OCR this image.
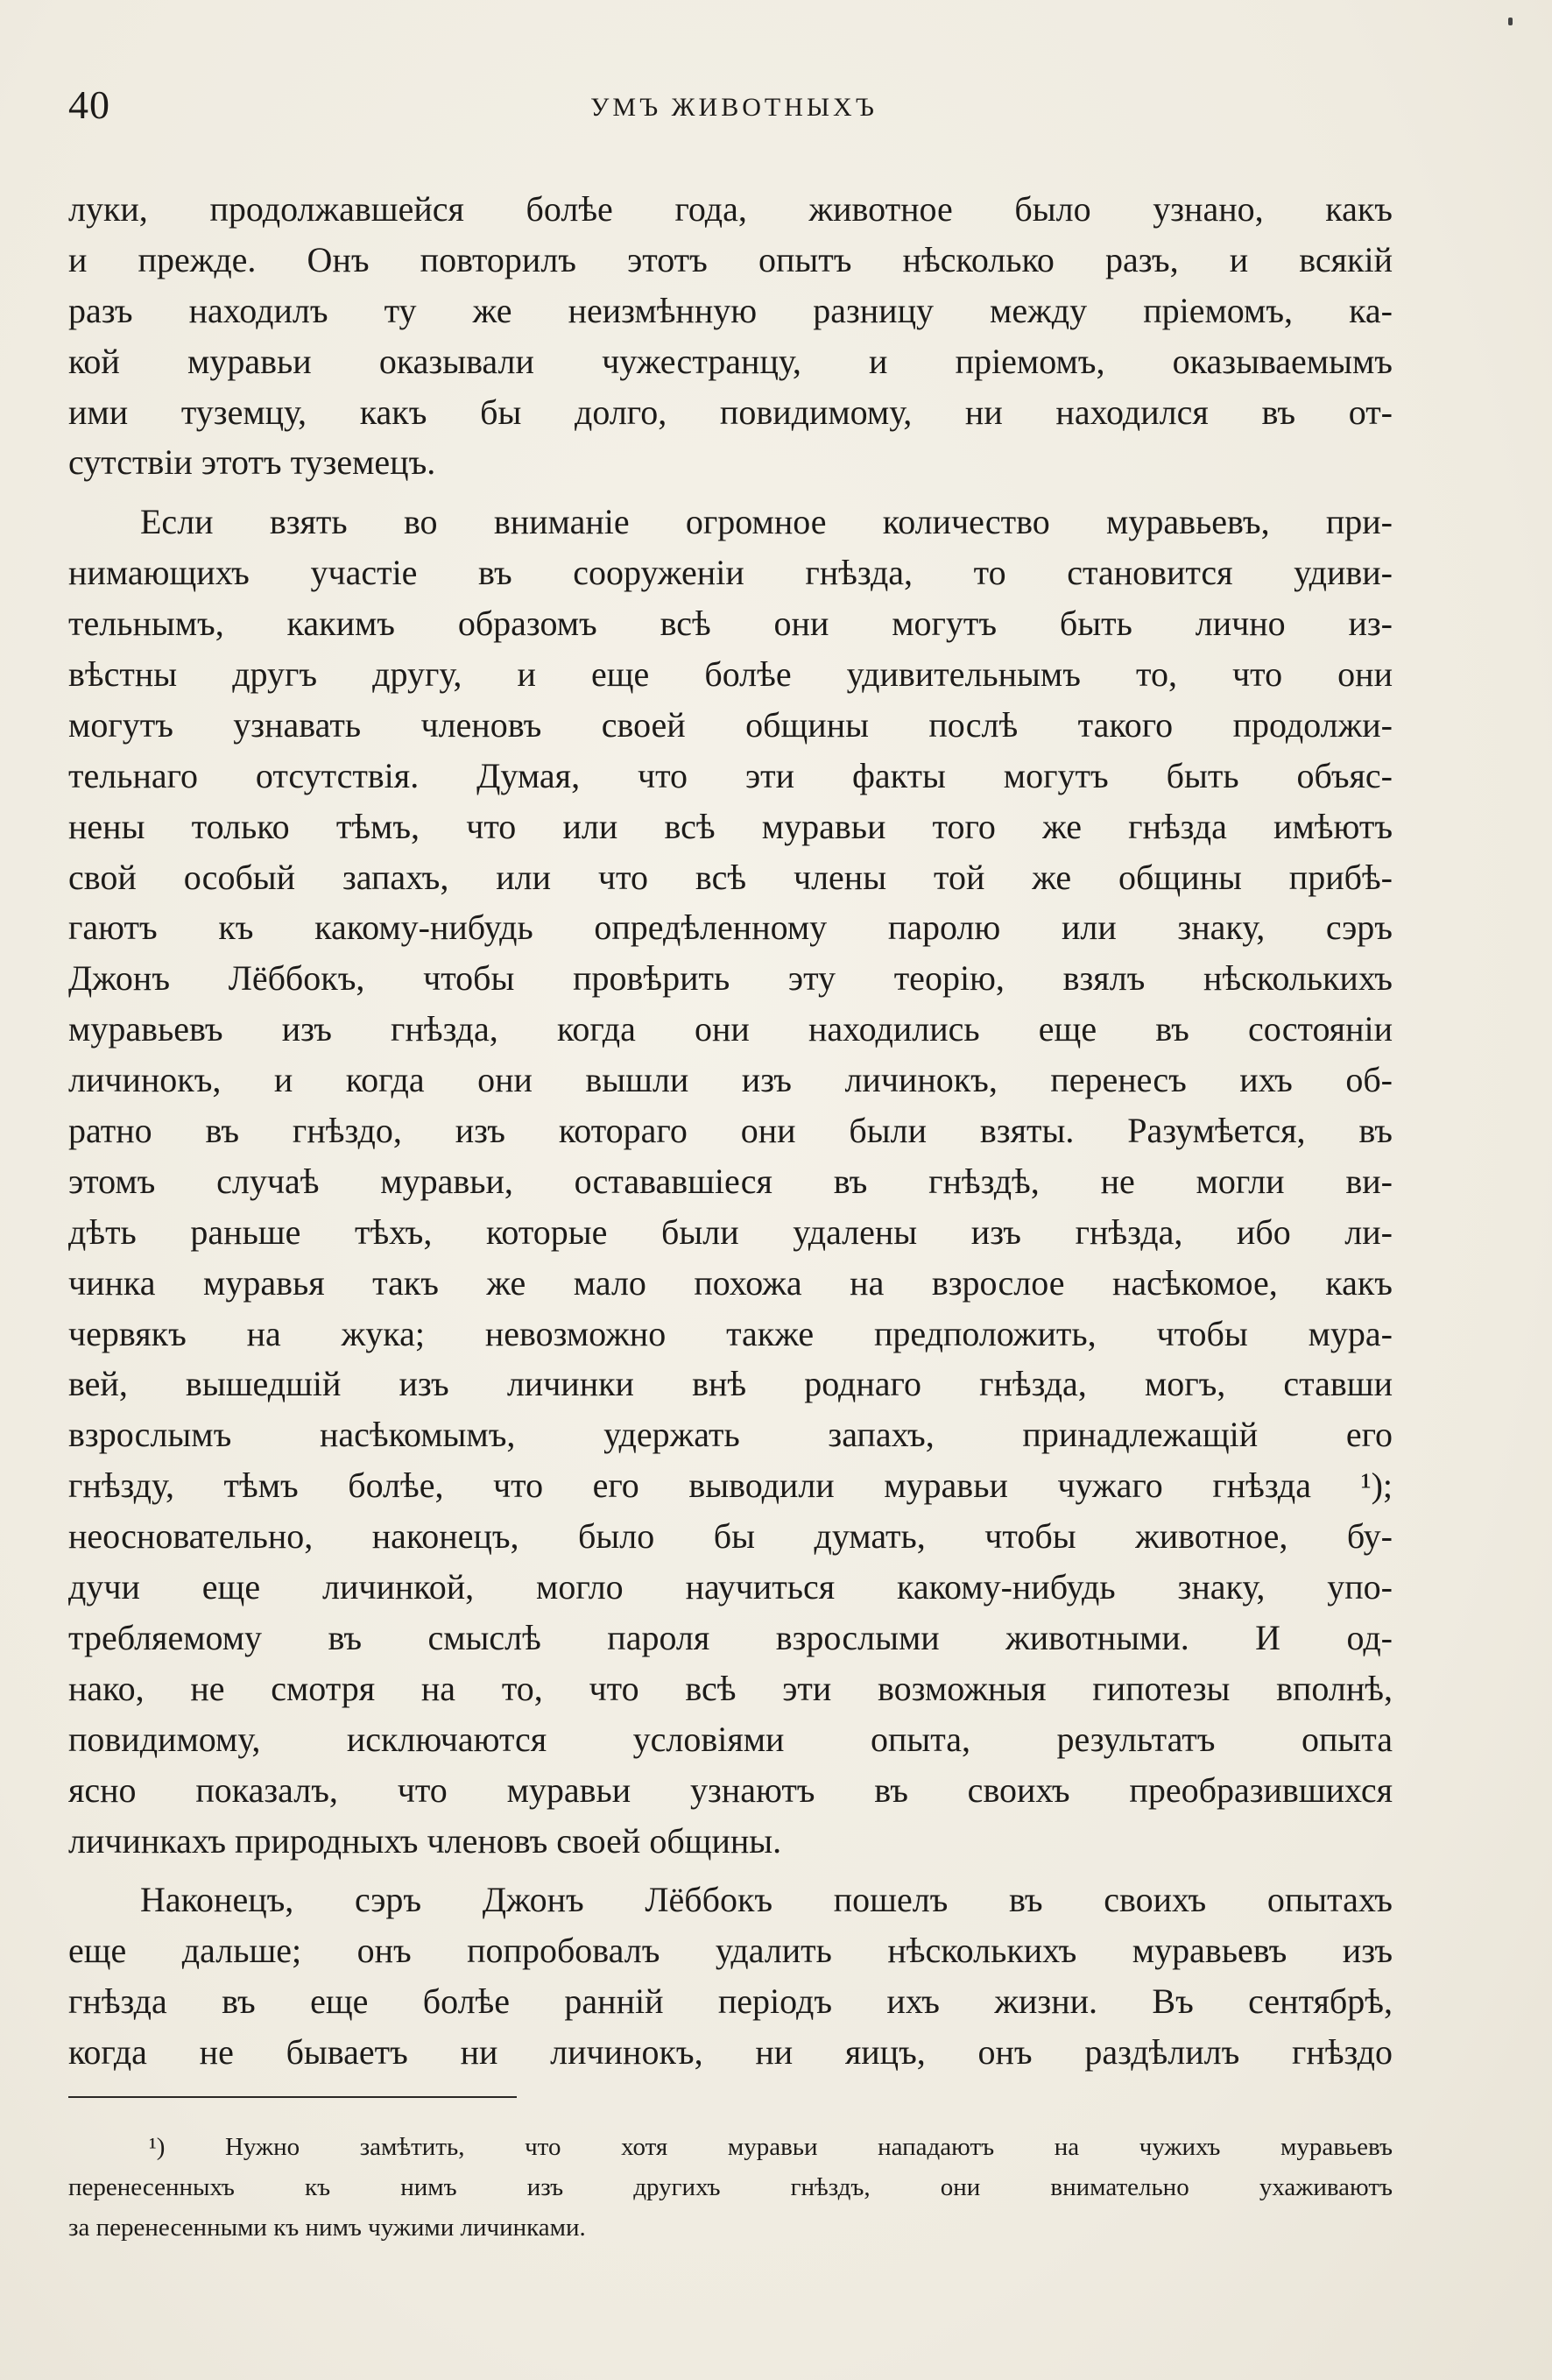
40	УМЪ ЖИВОТНЫХЪ
луки, продолжавшейся болѣе года, животное было узнано, какъ
и прежде. Онъ повторилъ этотъ опытъ нѣсколько разъ, и всякій
разъ находилъ ту же неизмѣнную разницу между пріемомъ, ка-
кой муравьи оказывали чужестранцу, и пріемомъ, оказываемымъ
ими туземцу, какъ бы долго, повидимому, ни находился въ от-
сутствіи этотъ туземецъ.
Если взять во вниманіе огромное количество муравьевъ, при-
нимающихъ участіе въ сооруженіи гнѣзда, то становится удиви-
тельнымъ, какимъ образомъ всѣ они могутъ быть лично из-
вѣстны другъ другу, и еще болѣе удивительнымъ то, что они
могутъ узнавать членовъ своей общины послѣ такого продолжи-
тельнаго отсутствія. Думая, что эти факты могутъ быть объяс-
нены только тѣмъ, что или всѣ муравьи того же гнѣзда имѣютъ
свой особый запахъ, или что всѣ члены той же общины прибѣ-
гаютъ къ какому-нибудь опредѣленному паролю или знаку, сэръ
Джонъ Лёббокъ, чтобы провѣрить эту теорію, взялъ нѣсколькихъ
муравьевъ изъ гнѣзда, когда они находились еще въ состояніи
личинокъ, и когда они вышли изъ личинокъ, перенесъ ихъ об-
ратно въ гнѣздо, изъ котораго они были взяты. Разумѣется, въ
этомъ случаѣ муравьи, остававшіеся въ гнѣздѣ, не могли ви-
дѣть раньше тѣхъ, которые были удалены изъ гнѣзда, ибо ли-
чинка муравья такъ же мало похожа на взрослое насѣкомое, какъ
червякъ на жука; невозможно также предположить, чтобы мура-
вей, вышедшій изъ личинки внѣ роднаго гнѣзда, могъ, ставши
взрослымъ насѣкомымъ, удержать запахъ, принадлежащій его
гнѣзду, тѣмъ болѣе, что его выводили муравьи чужаго гнѣзда ¹);
неосновательно, наконецъ, было бы думать, чтобы животное, бу-
дучи еще личинкой, могло научиться какому-нибудь знаку, упо-
требляемому въ смыслѣ пароля взрослыми животными. И од-
нако, не смотря на то, что всѣ эти возможныя гипотезы вполнѣ,
повидимому, исключаются условіями опыта, результатъ опыта
ясно показалъ, что муравьи узнаютъ въ своихъ преобразившихся
личинкахъ природныхъ членовъ своей общины.
Наконецъ, сэръ Джонъ Лёббокъ пошелъ въ своихъ опытахъ
еще дальше; онъ попробовалъ удалить нѣсколькихъ муравьевъ изъ
гнѣзда въ еще болѣе ранній періодъ ихъ жизни. Въ сентябрѣ,
когда не бываетъ ни личинокъ, ни яицъ, онъ раздѣлилъ гнѣздо
¹) Нужно замѣтить, что хотя муравьи нападаютъ на чужихъ муравьевъ
перенесенныхъ къ нимъ изъ другихъ гнѣздъ, они внимательно ухаживаютъ
за перенесенными къ нимъ чужими личинками.
